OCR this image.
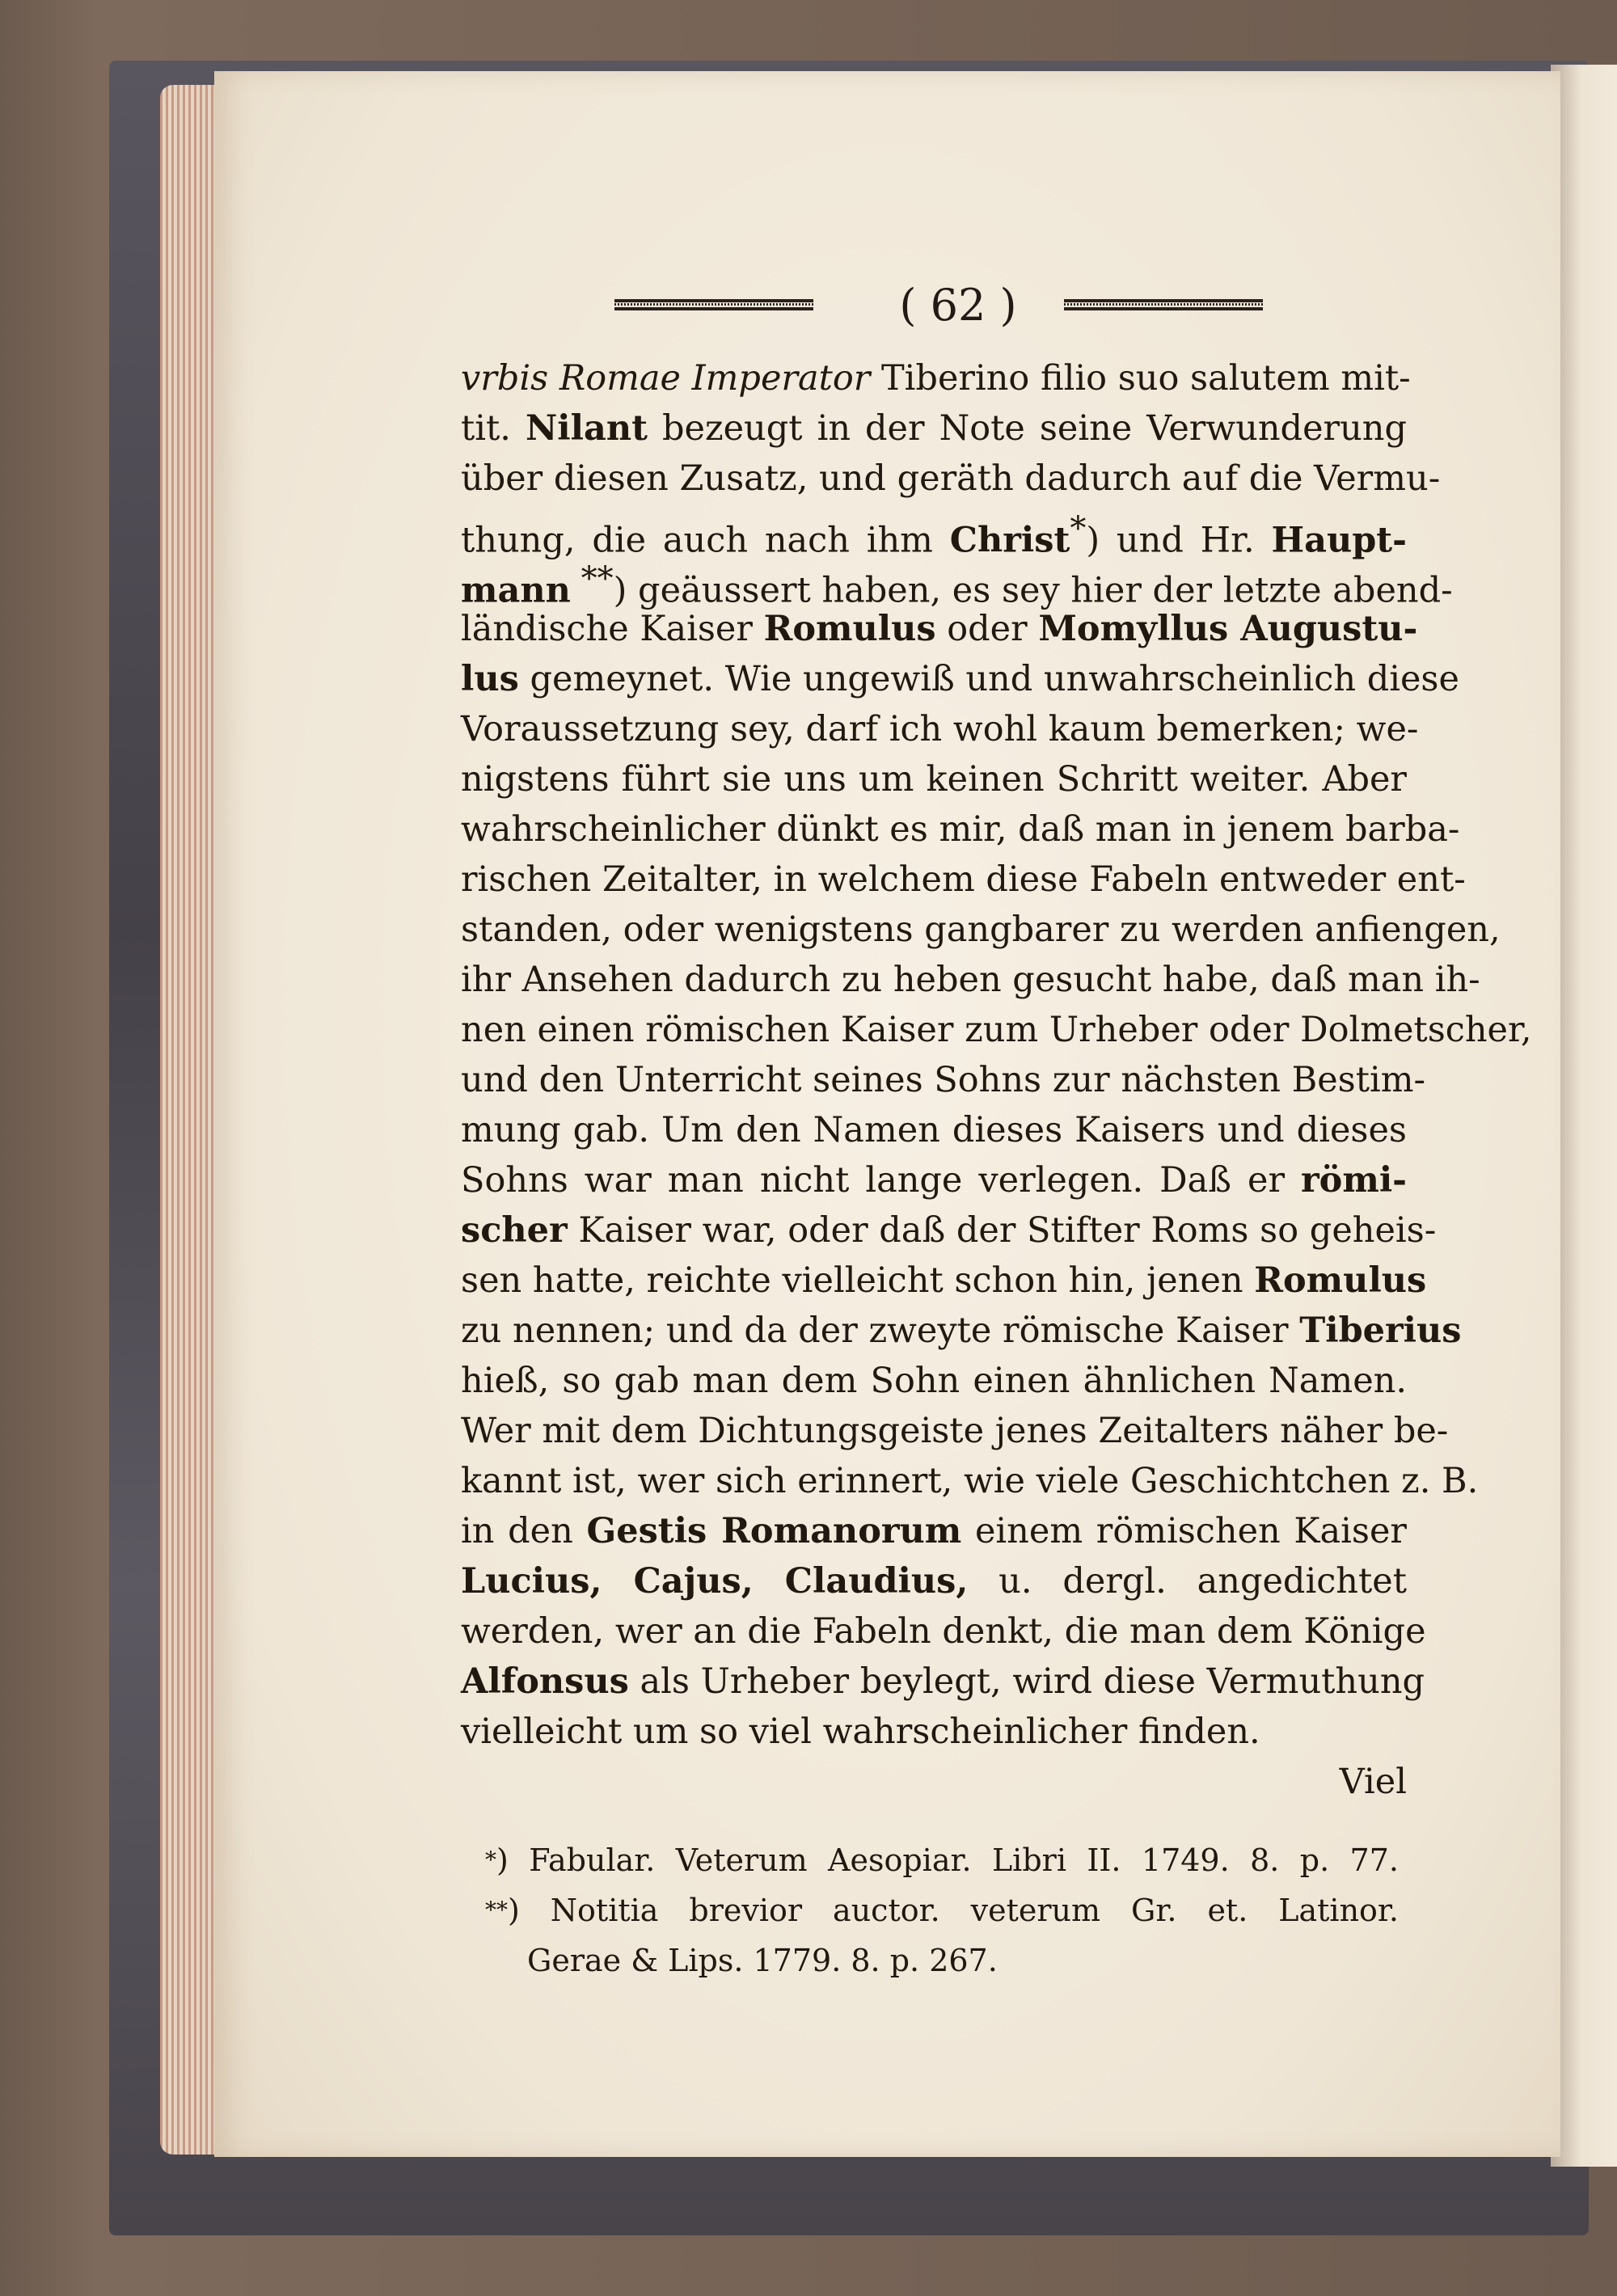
( 62 )
vrbis Romae Imperator Tiberino filio suo salutem mit-
tit. Nilant bezeugt in der Note seine Verwunderung
über diesen Zusatz, und geräth dadurch auf die Vermu-
thung, die auch nach ihm Christ*) und Hr. Haupt-
mann **) geäussert haben, es sey hier der letzte abend-
ländische Kaiser Romulus oder Momyllus Augustu-
lus gemeynet. Wie ungewiß und unwahrscheinlich diese
Voraussetzung sey, darf ich wohl kaum bemerken; we-
nigstens führt sie uns um keinen Schritt weiter. Aber
wahrscheinlicher dünkt es mir, daß man in jenem barba-
rischen Zeitalter, in welchem diese Fabeln entweder ent-
standen, oder wenigstens gangbarer zu werden anfiengen,
ihr Ansehen dadurch zu heben gesucht habe, daß man ih-
nen einen römischen Kaiser zum Urheber oder Dolmetscher,
und den Unterricht seines Sohns zur nächsten Bestim-
mung gab. Um den Namen dieses Kaisers und dieses
Sohns war man nicht lange verlegen. Daß er römi-
scher Kaiser war, oder daß der Stifter Roms so geheis-
sen hatte, reichte vielleicht schon hin, jenen Romulus
zu nennen; und da der zweyte römische Kaiser Tiberius
hieß, so gab man dem Sohn einen ähnlichen Namen.
Wer mit dem Dichtungsgeiste jenes Zeitalters näher be-
kannt ist, wer sich erinnert, wie viele Geschichtchen z. B.
in den Gestis Romanorum einem römischen Kaiser
Lucius, Cajus, Claudius, u. dergl. angedichtet
werden, wer an die Fabeln denkt, die man dem Könige
Alfonsus als Urheber beylegt, wird diese Vermuthung
vielleicht um so viel wahrscheinlicher finden.
Viel
*) Fabular. Veterum Aesopiar. Libri II. 1749. 8. p. 77.
**) Notitia brevior auctor. veterum Gr. et. Latinor.
Gerae & Lips. 1779. 8. p. 267.
